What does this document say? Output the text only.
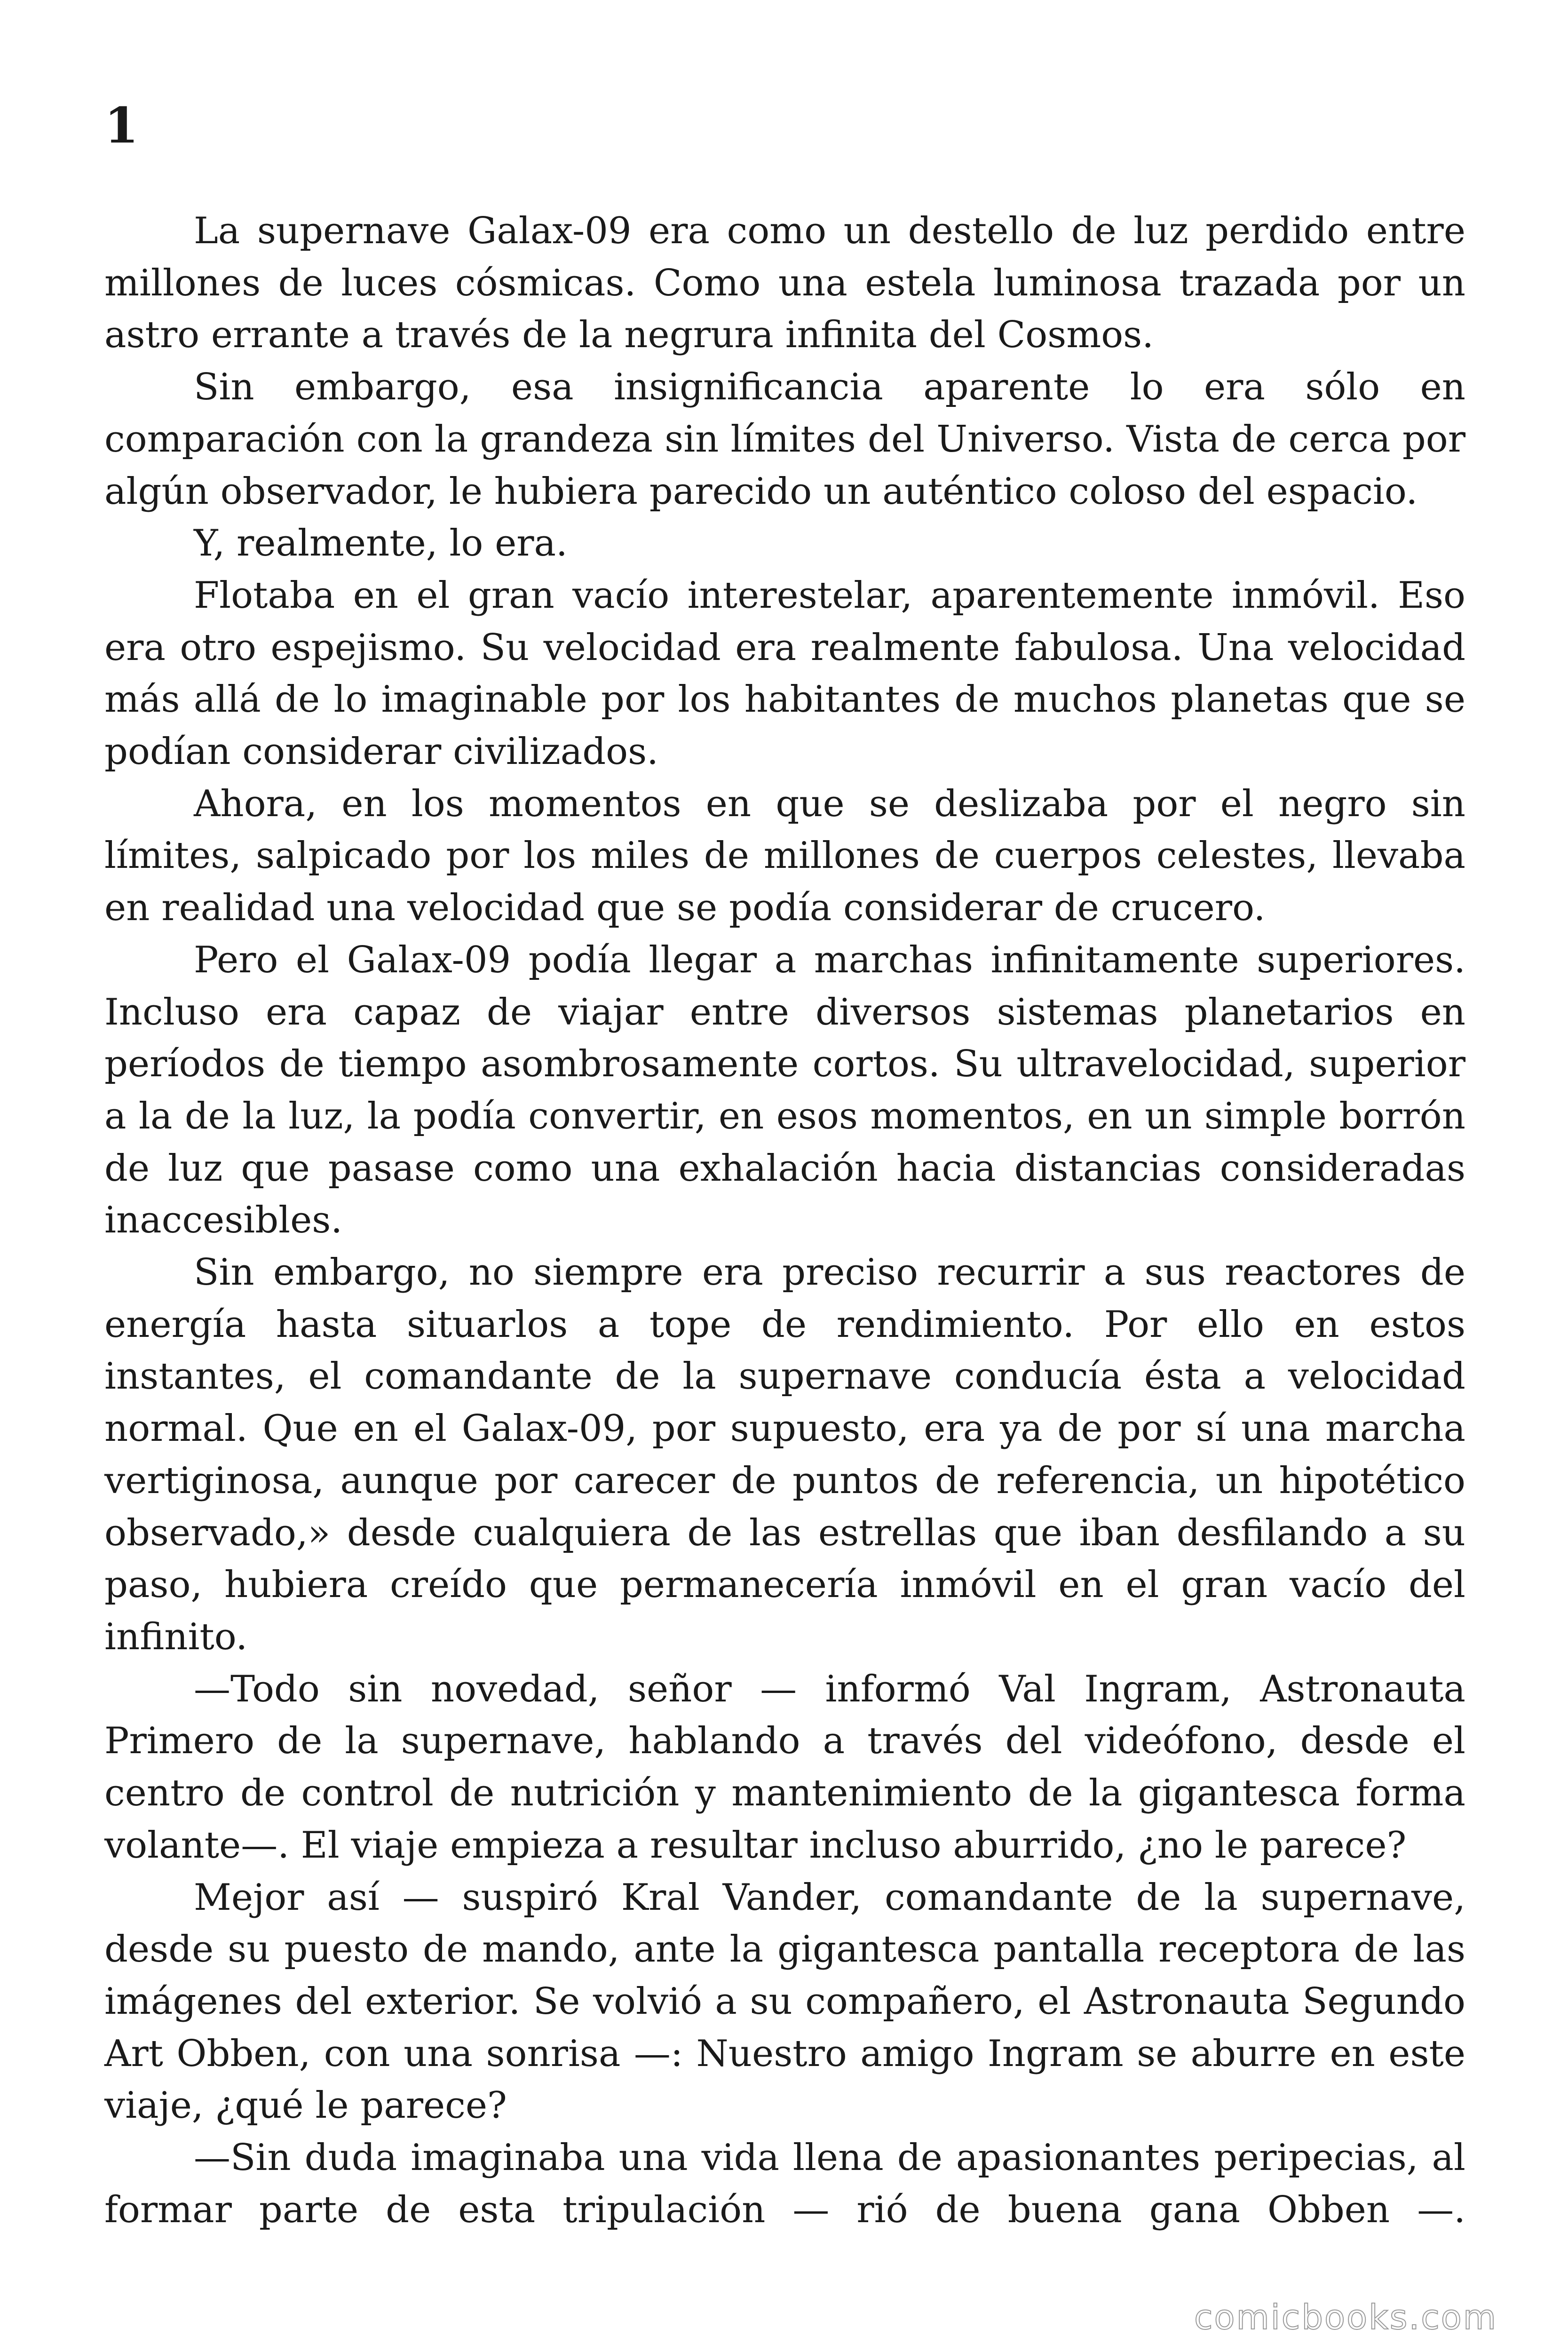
1

La supernave Galax-09 era como un destello de luz perdido entre millones de luces cósmicas. Como una estela luminosa trazada por un astro errante a través de la negrura infinita del Cosmos.

Sin embargo, esa insignificancia aparente lo era sólo en comparación con la grandeza sin límites del Universo. Vista de cerca por algún observador, le hubiera parecido un auténtico coloso del espacio.

Y, realmente, lo era.

Flotaba en el gran vacío interestelar, aparentemente inmóvil. Eso era otro espejismo. Su velocidad era realmente fabulosa. Una velocidad más allá de lo imaginable por los habitantes de muchos planetas que se podían considerar civilizados.

Ahora, en los momentos en que se deslizaba por el negro sin límites, salpicado por los miles de millones de cuerpos celestes, llevaba en realidad una velocidad que se podía considerar de crucero.

Pero el Galax-09 podía llegar a marchas infinitamente superiores. Incluso era capaz de viajar entre diversos sistemas planetarios en períodos de tiempo asombrosamente cortos. Su ultravelocidad, superior a la de la luz, la podía convertir, en esos momentos, en un simple borrón de luz que pasase como una exhalación hacia distancias consideradas inaccesibles.

Sin embargo, no siempre era preciso recurrir a sus reactores de energía hasta situarlos a tope de rendimiento. Por ello en estos instantes, el comandante de la supernave conducía ésta a velocidad normal. Que en el Galax-09, por supuesto, era ya de por sí una marcha vertiginosa, aunque por carecer de puntos de referencia, un hipotético observado,» desde cualquiera de las estrellas que iban desfilando a su paso, hubiera creído que permanecería inmóvil en el gran vacío del infinito.

—Todo sin novedad, señor — informó Val Ingram, Astronauta Primero de la supernave, hablando a través del videófono, desde el centro de control de nutrición y mantenimiento de la gigantesca forma volante—. El viaje empieza a resultar incluso aburrido, ¿no le parece?

Mejor así — suspiró Kral Vander, comandante de la supernave, desde su puesto de mando, ante la gigantesca pantalla receptora de las imágenes del exterior. Se volvió a su compañero, el Astronauta Segundo Art Obben, con una sonrisa —: Nuestro amigo Ingram se aburre en este viaje, ¿qué le parece?

—Sin duda imaginaba una vida llena de apasionantes peripecias, al formar parte de esta tripulación — rió de buena gana Obben —.

comicbooks.com
